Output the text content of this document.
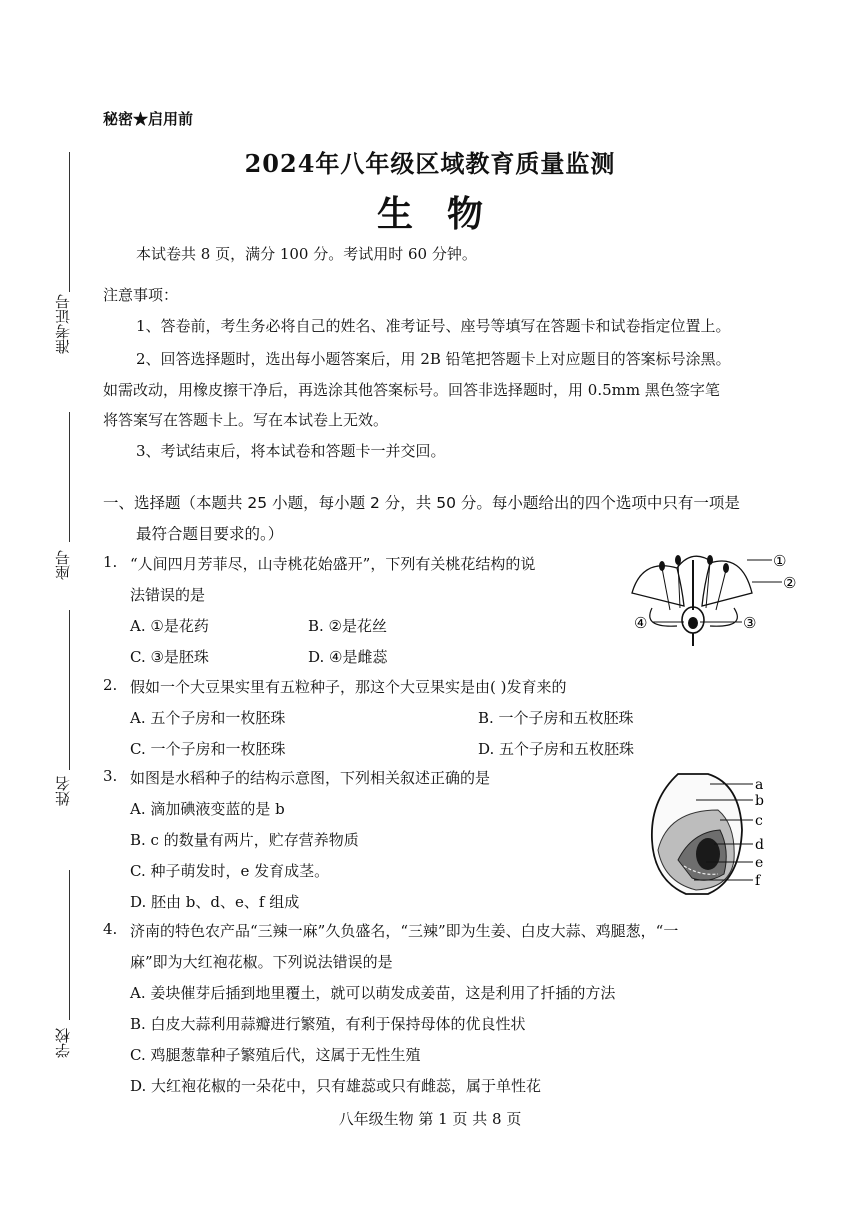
准考证号
座号
姓名
学校
秘密★启用前
2024年八年级区域教育质量监测
生物
本试卷共 8 页，满分 100 分。考试用时 60 分钟。
注意事项：
1、答卷前，考生务必将自己的姓名、准考证号、座号等填写在答题卡和试卷指定位置上。
2、回答选择题时，选出每小题答案后，用 2B 铅笔把答题卡上对应题目的答案标号涂黑。
如需改动，用橡皮擦干净后，再选涂其他答案标号。回答非选择题时，用 0.5mm 黑色签字笔
将答案写在答题卡上。写在本试卷上无效。
3、考试结束后，将本试卷和答题卡一并交回。
一、选择题（本题共 25 小题，每小题 2 分，共 50 分。每小题给出的四个选项中只有一项是
最符合题目要求的。）
1. “人间四月芳菲尽，山寺桃花始盛开”，下列有关桃花结构的说
法错误的是
A. ①是花药	B. ②是花丝
C. ③是胚珠	D. ④是雌蕊
①
②
③
④
2. 假如一个大豆果实里有五粒种子，那这个大豆果实是由( )发育来的
A. 五个子房和一枚胚珠	B. 一个子房和五枚胚珠
C. 一个子房和一枚胚珠	D. 五个子房和五枚胚珠
3. 如图是水稻种子的结构示意图，下列相关叙述正确的是
A. 滴加碘液变蓝的是 b
B. c 的数量有两片，贮存营养物质
C. 种子萌发时，e 发育成茎。
D. 胚由 b、d、e、f 组成
a
b
c
d
e
f
4. 济南的特色农产品“三辣一麻”久负盛名，“三辣”即为生姜、白皮大蒜、鸡腿葱，“一
麻”即为大红袍花椒。下列说法错误的是
A. 姜块催芽后插到地里覆土，就可以萌发成姜苗，这是利用了扦插的方法
B. 白皮大蒜利用蒜瓣进行繁殖，有利于保持母体的优良性状
C. 鸡腿葱靠种子繁殖后代，这属于无性生殖
D. 大红袍花椒的一朵花中，只有雄蕊或只有雌蕊，属于单性花
八年级生物 第 1 页 共 8 页
